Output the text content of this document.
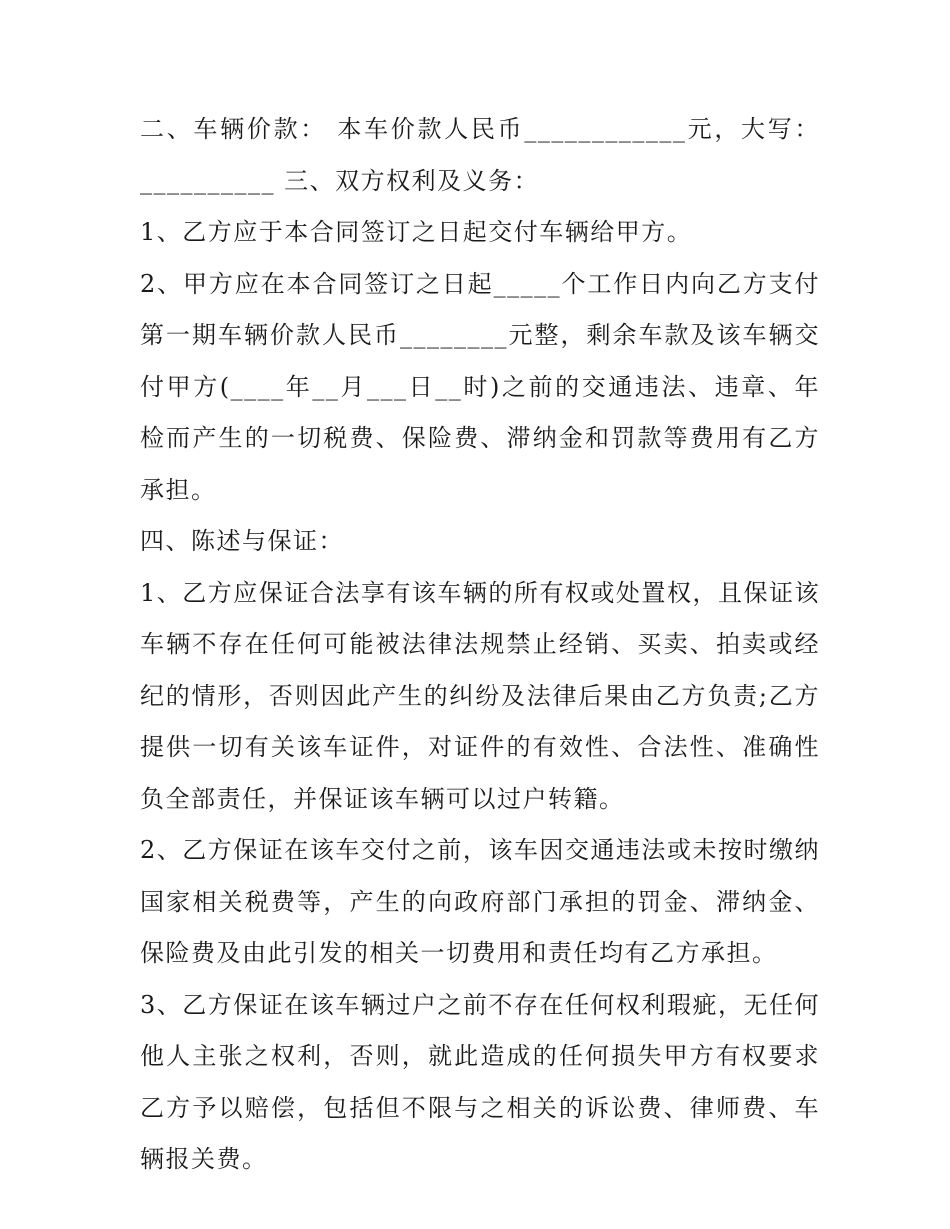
二、车辆价款： 本车价款人民币____________元，大写：__________ 三、双方权利及义务：

1、乙方应于本合同签订之日起交付车辆给甲方。

2、甲方应在本合同签订之日起_____个工作日内向乙方支付第一期车辆价款人民币________元整，剩余车款及该车辆交付甲方(____年__月___日__时)之前的交通违法、违章、年检而产生的一切税费、保险费、滞纳金和罚款等费用有乙方承担。

四、陈述与保证：

1、乙方应保证合法享有该车辆的所有权或处置权，且保证该车辆不存在任何可能被法律法规禁止经销、买卖、拍卖或经纪的情形，否则因此产生的纠纷及法律后果由乙方负责;乙方提供一切有关该车证件，对证件的有效性、合法性、准确性负全部责任，并保证该车辆可以过户转籍。

2、乙方保证在该车交付之前，该车因交通违法或未按时缴纳国家相关税费等，产生的向政府部门承担的罚金、滞纳金、保险费及由此引发的相关一切费用和责任均有乙方承担。

3、乙方保证在该车辆过户之前不存在任何权利瑕疵，无任何他人主张之权利，否则，就此造成的任何损失甲方有权要求乙方予以赔偿，包括但不限与之相关的诉讼费、律师费、车辆报关费。
